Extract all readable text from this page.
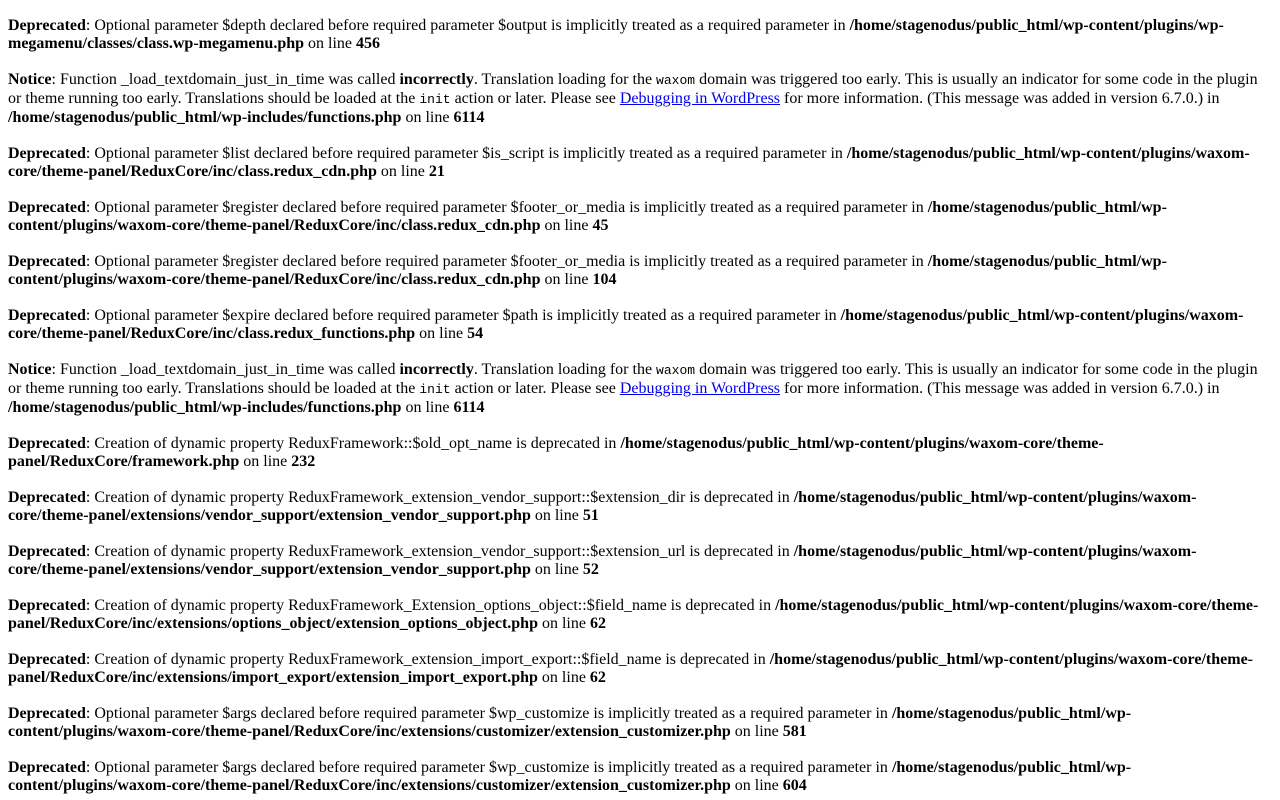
Deprecated: Optional parameter $depth declared before required parameter $output is implicitly treated as a required parameter in /home/stagenodus/public_html/wp-content/plugins/wp-megamenu/classes/class.wp-megamenu.php on line 456

Notice: Function _load_textdomain_just_in_time was called incorrectly. Translation loading for the waxom domain was triggered too early. This is usually an indicator for some code in the plugin or theme running too early. Translations should be loaded at the init action or later. Please see Debugging in WordPress for more information. (This message was added in version 6.7.0.) in /home/stagenodus/public_html/wp-includes/functions.php on line 6114

Deprecated: Optional parameter $list declared before required parameter $is_script is implicitly treated as a required parameter in /home/stagenodus/public_html/wp-content/plugins/waxom-core/theme-panel/ReduxCore/inc/class.redux_cdn.php on line 21

Deprecated: Optional parameter $register declared before required parameter $footer_or_media is implicitly treated as a required parameter in /home/stagenodus/public_html/wp-content/plugins/waxom-core/theme-panel/ReduxCore/inc/class.redux_cdn.php on line 45

Deprecated: Optional parameter $register declared before required parameter $footer_or_media is implicitly treated as a required parameter in /home/stagenodus/public_html/wp-content/plugins/waxom-core/theme-panel/ReduxCore/inc/class.redux_cdn.php on line 104

Deprecated: Optional parameter $expire declared before required parameter $path is implicitly treated as a required parameter in /home/stagenodus/public_html/wp-content/plugins/waxom-core/theme-panel/ReduxCore/inc/class.redux_functions.php on line 54

Notice: Function _load_textdomain_just_in_time was called incorrectly. Translation loading for the waxom domain was triggered too early. This is usually an indicator for some code in the plugin or theme running too early. Translations should be loaded at the init action or later. Please see Debugging in WordPress for more information. (This message was added in version 6.7.0.) in /home/stagenodus/public_html/wp-includes/functions.php on line 6114

Deprecated: Creation of dynamic property ReduxFramework::$old_opt_name is deprecated in /home/stagenodus/public_html/wp-content/plugins/waxom-core/theme-panel/ReduxCore/framework.php on line 232

Deprecated: Creation of dynamic property ReduxFramework_extension_vendor_support::$extension_dir is deprecated in /home/stagenodus/public_html/wp-content/plugins/waxom-core/theme-panel/extensions/vendor_support/extension_vendor_support.php on line 51

Deprecated: Creation of dynamic property ReduxFramework_extension_vendor_support::$extension_url is deprecated in /home/stagenodus/public_html/wp-content/plugins/waxom-core/theme-panel/extensions/vendor_support/extension_vendor_support.php on line 52

Deprecated: Creation of dynamic property ReduxFramework_Extension_options_object::$field_name is deprecated in /home/stagenodus/public_html/wp-content/plugins/waxom-core/theme-panel/ReduxCore/inc/extensions/options_object/extension_options_object.php on line 62

Deprecated: Creation of dynamic property ReduxFramework_extension_import_export::$field_name is deprecated in /home/stagenodus/public_html/wp-content/plugins/waxom-core/theme-panel/ReduxCore/inc/extensions/import_export/extension_import_export.php on line 62

Deprecated: Optional parameter $args declared before required parameter $wp_customize is implicitly treated as a required parameter in /home/stagenodus/public_html/wp-content/plugins/waxom-core/theme-panel/ReduxCore/inc/extensions/customizer/extension_customizer.php on line 581

Deprecated: Optional parameter $args declared before required parameter $wp_customize is implicitly treated as a required parameter in /home/stagenodus/public_html/wp-content/plugins/waxom-core/theme-panel/ReduxCore/inc/extensions/customizer/extension_customizer.php on line 604
